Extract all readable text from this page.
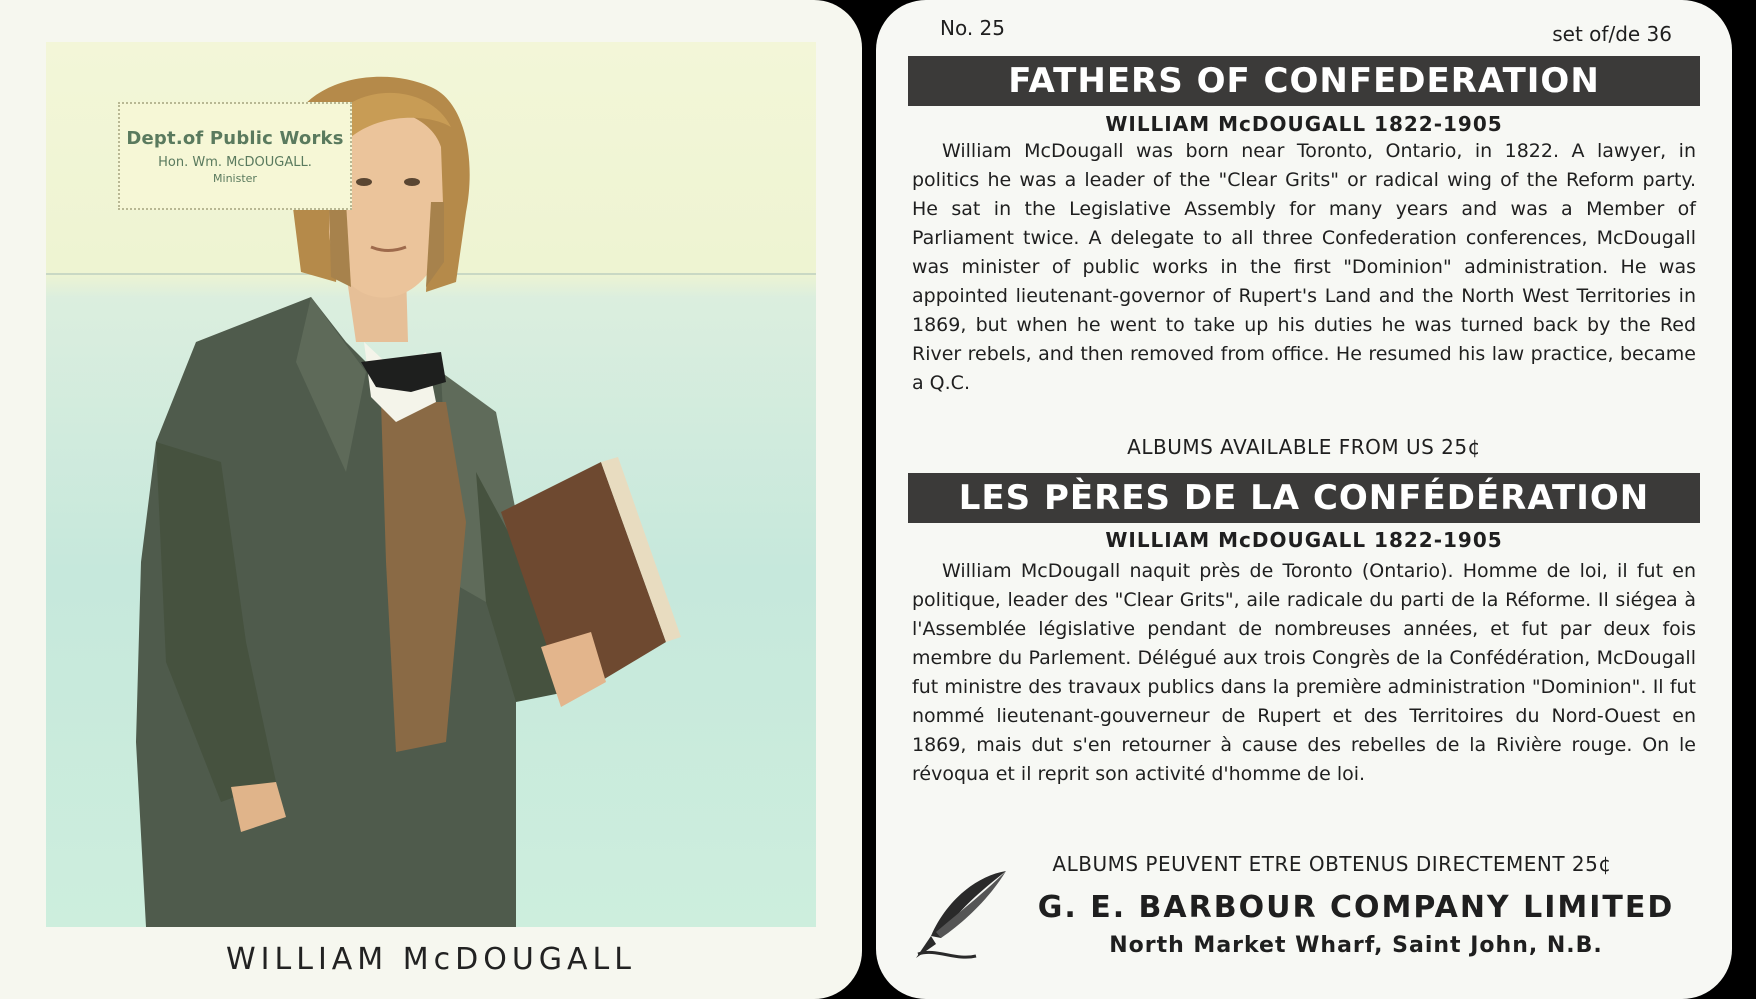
Dept.of Public Works
Hon. Wm. McDOUGALL.
Minister
WILLIAM McDOUGALL
No. 25	set of/de 36
FATHERS OF CONFEDERATION
WILLIAM McDOUGALL 1822-1905

William McDougall was born near Toronto, Ontario, in 1822. A lawyer, in politics he was a leader of the "Clear Grits" or radical wing of the Reform party. He sat in the Legislative Assembly for many years and was a Member of Parliament twice. A delegate to all three Confederation conferences, McDougall was minister of public works in the first "Dominion" administration. He was appointed lieutenant-governor of Rupert's Land and the North West Territories in 1869, but when he went to take up his duties he was turned back by the Red River rebels, and then removed from office. He resumed his law practice, became a Q.C.

ALBUMS AVAILABLE FROM US 25¢
LES PÈRES DE LA CONFÉDÉRATION
WILLIAM McDOUGALL 1822-1905

William McDougall naquit près de Toronto (Ontario). Homme de loi, il fut en politique, leader des "Clear Grits", aile radicale du parti de la Réforme. Il siégea à l'Assemblée législative pendant de nombreuses années, et fut par deux fois membre du Parlement. Délégué aux trois Congrès de la Confédération, McDougall fut ministre des travaux publics dans la première administration "Dominion". Il fut nommé lieutenant-gouverneur de Rupert et des Territoires du Nord-Ouest en 1869, mais dut s'en retourner à cause des rebelles de la Rivière rouge. On le révoqua et il reprit son activité d'homme de loi.

ALBUMS PEUVENT ETRE OBTENUS DIRECTEMENT 25¢
G. E. BARBOUR COMPANY LIMITED
North Market Wharf, Saint John, N.B.
